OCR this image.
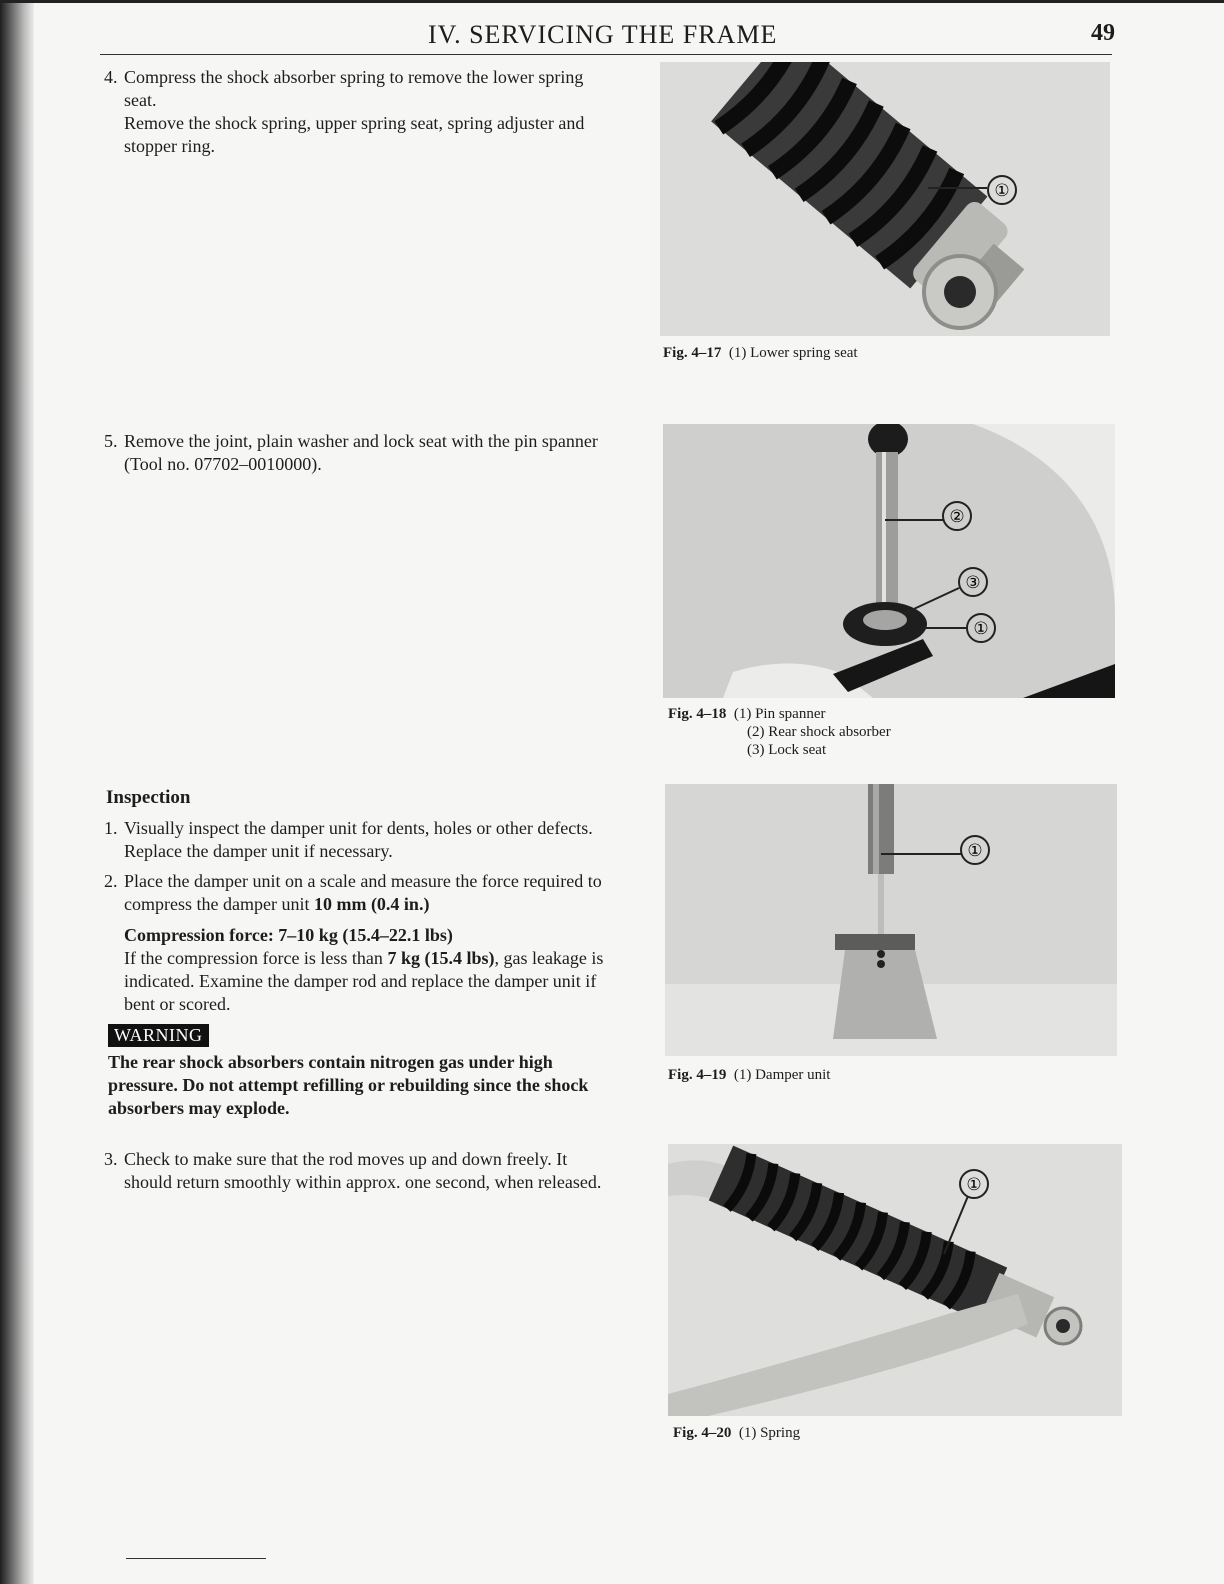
IV. SERVICING THE FRAME	49
4. Compress the shock absorber spring to remove the lower spring seat.

Remove the shock spring, upper spring seat, spring adjuster and stopper ring.

5. Remove the joint, plain washer and lock seat with the pin spanner (Tool no. 07702–0010000).

Inspection
1. Visually inspect the damper unit for dents, holes or other defects. Replace the damper unit if necessary.

2. Place the damper unit on a scale and measure the force required to compress the damper unit 10 mm (0.4 in.)

Compression force: 7–10 kg (15.4–22.1 lbs)

If the compression force is less than 7 kg (15.4 lbs), gas leakage is indicated. Examine the damper rod and replace the damper unit if bent or scored.

WARNING
The rear shock absorbers contain nitrogen gas under high pressure. Do not attempt refilling or rebuilding since the shock absorbers may explode.
3. Check to make sure that the rod moves up and down freely. It should return smoothly within approx. one second, when released.

①
Fig. 4–17 (1) Lower spring seat
②
③
①
Fig. 4–18 (1) Pin spanner
(2) Rear shock absorber
(3) Lock seat
①
Fig. 4–19 (1) Damper unit
①
Fig. 4–20 (1) Spring
